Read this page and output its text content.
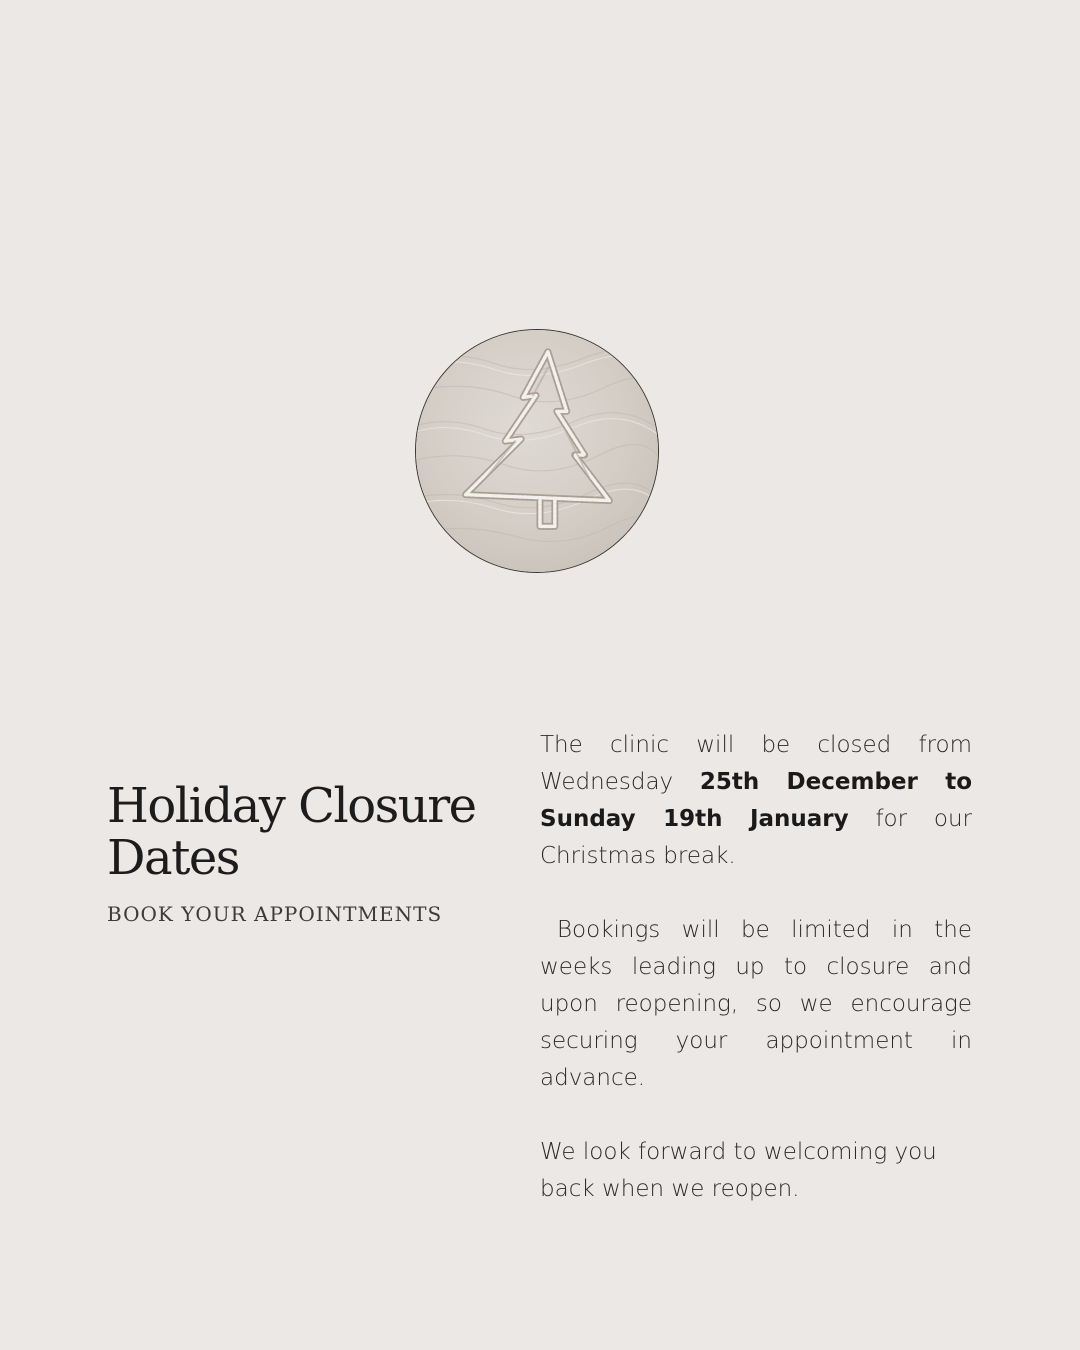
Holiday Closure
Dates
BOOK YOUR APPOINTMENTS

The clinic will be closed from Wednesday 25th December to Sunday 19th January for our Christmas break.

Bookings will be limited in the weeks leading up to closure and upon reopening, so we encourage securing your appointment in advance.

We look forward to welcoming you back when we reopen.
